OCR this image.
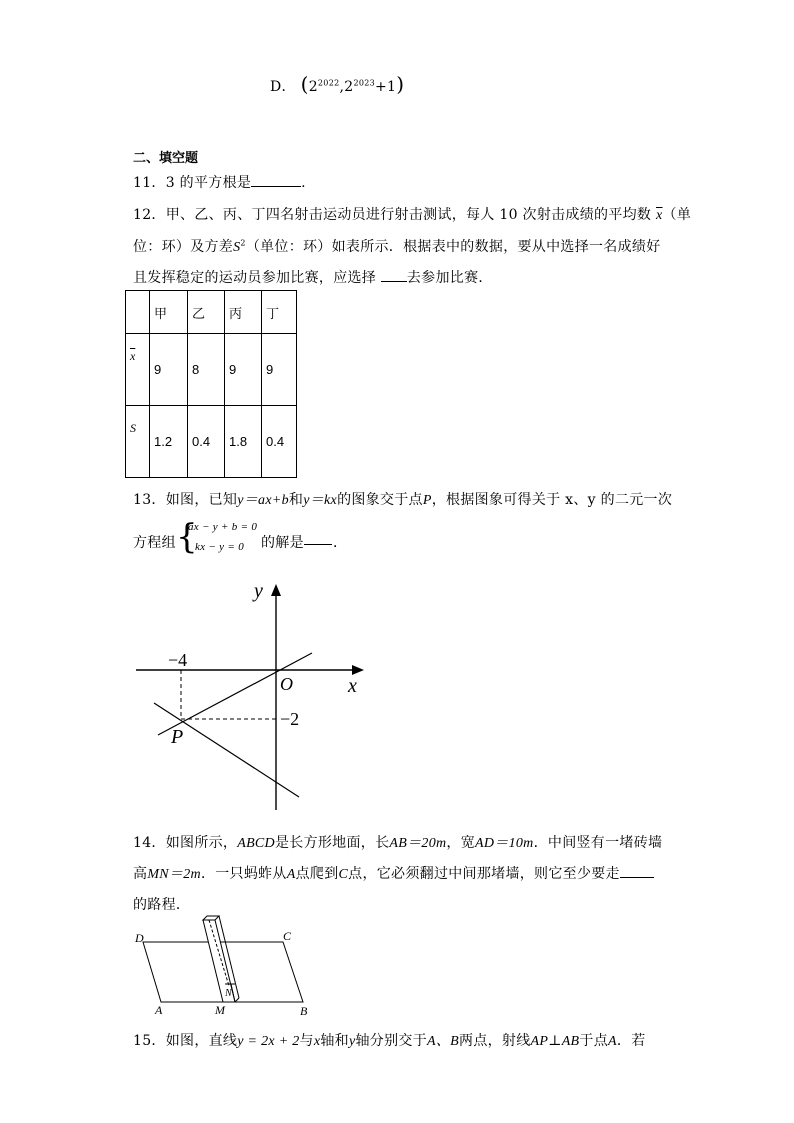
D． $(2^{2022},2^{2023}+1)$
二、填空题
11．3 的平方根是	.
12．甲、乙、丙、丁四名射击运动员进行射击测试，每人 10 次射击成绩的平均数 $\overline{x}$（单
位：环）及方差$S^2$（单位：环）如表所示．根据表中的数据，要从中选择一名成绩好
且发挥稳定的运动员参加比赛，应选择 去参加比赛．
	甲	乙	丙	丁
$\overline{x}$	9	8	9	9
S	1.2	0.4	1.8	0.4
13．如图，已知y＝ax+b和y＝kx的图象交于点P，根据图象可得关于 x、y 的二元一次
方程组 {
ax − y + b = 0
kx − y = 0 的解是 ．
y
x
O
−4
−2
P
14．如图所示，ABCD是长方形地面，长AB＝20m，宽AD＝10m．中间竖有一堵砖墙
高MN＝2m．一只蚂蚱从A点爬到C点，它必须翻过中间那堵墙，则它至少要走
的路程．
D	C
A	M	B
N
15．如图，直线y = 2x + 2与x轴和y轴分别交于A、B两点，射线AP⊥AB于点A．若
